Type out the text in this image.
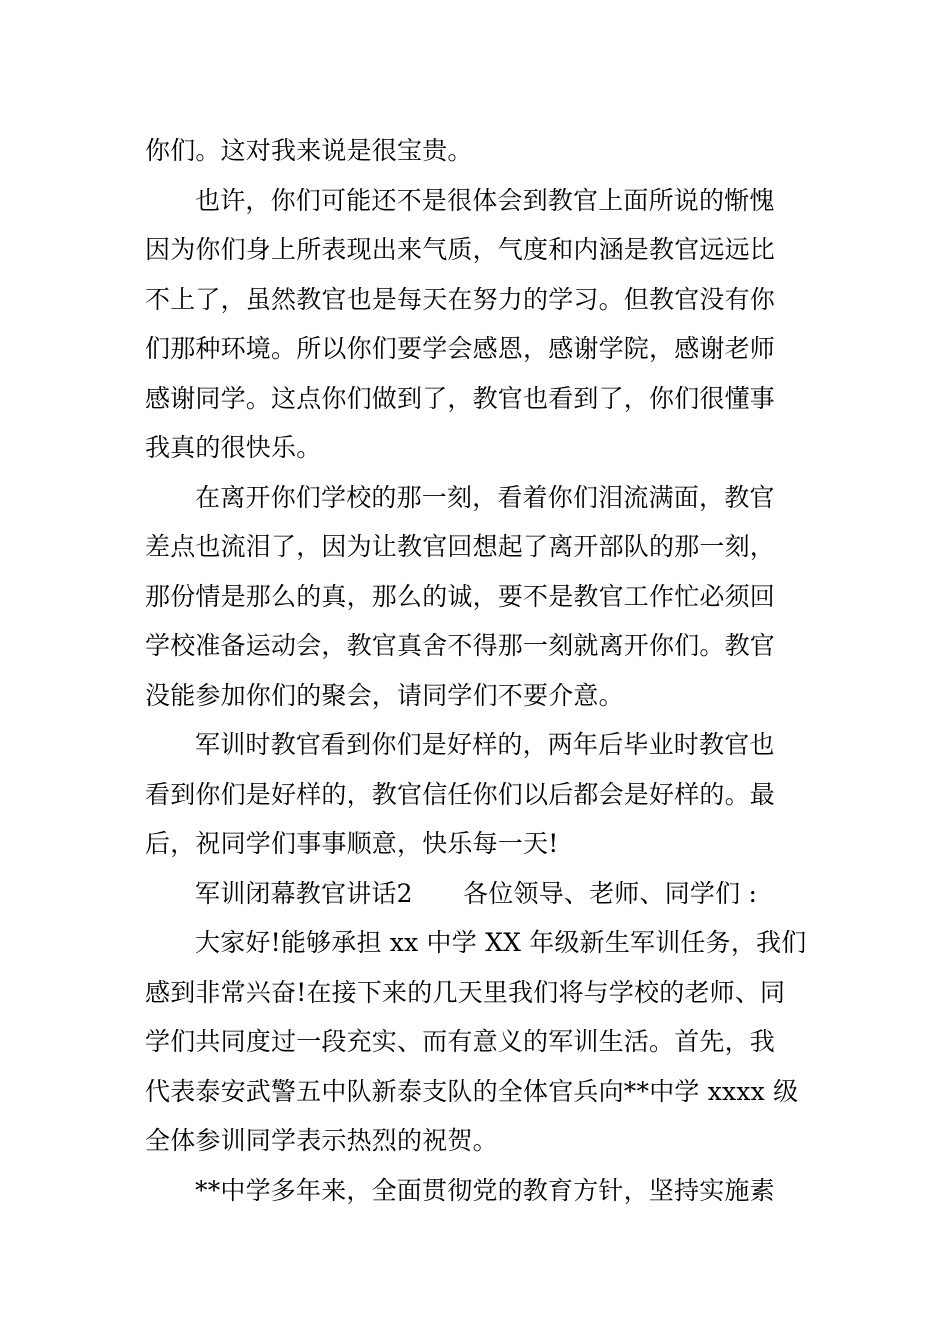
你们。这对我来说是很宝贵。
也许，你们可能还不是很体会到教官上面所说的惭愧
因为你们身上所表现出来气质，气度和内涵是教官远远比
不上了，虽然教官也是每天在努力的学习。但教官没有你
们那种环境。所以你们要学会感恩，感谢学院，感谢老师
感谢同学。这点你们做到了，教官也看到了，你们很懂事
我真的很快乐。
在离开你们学校的那一刻，看着你们泪流满面，教官
差点也流泪了，因为让教官回想起了离开部队的那一刻，
那份情是那么的真，那么的诚，要不是教官工作忙必须回
学校准备运动会，教官真舍不得那一刻就离开你们。教官
没能参加你们的聚会，请同学们不要介意。
军训时教官看到你们是好样的，两年后毕业时教官也
看到你们是好样的，教官信任你们以后都会是好样的。最
后，祝同学们事事顺意，快乐每一天!
军训闭幕教官讲话2　　各位领导、老师、同学们 :
大家好!能够承担 xx 中学 XX 年级新生军训任务，我们
感到非常兴奋!在接下来的几天里我们将与学校的老师、同
学们共同度过一段充实、而有意义的军训生活。首先，我
代表泰安武警五中队新泰支队的全体官兵向**中学 xxxx 级
全体参训同学表示热烈的祝贺。
**中学多年来，全面贯彻党的教育方针，坚持实施素
